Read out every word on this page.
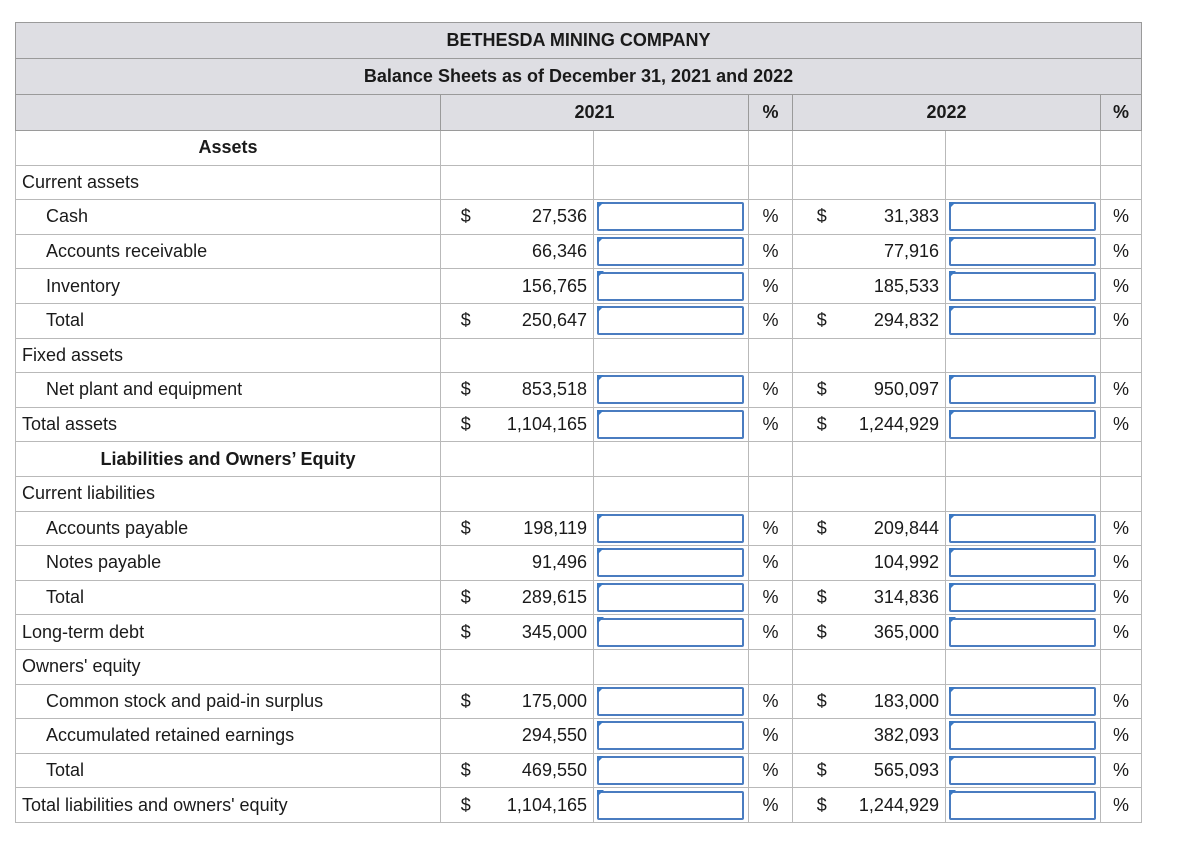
BETHESDA MINING COMPANY								
Balance Sheets as of December 31, 2021 and 2022								
	2021			%	2022			%
Assets								
Current assets								
Cash	$	27,536		%	$	31,383		%
Accounts receivable		66,346		%		77,916		%
Inventory		156,765		%		185,533		%
Total	$	250,647		%	$	294,832		%
Fixed assets								
Net plant and equipment	$	853,518		%	$	950,097		%
Total assets	$	1,104,165		%	$	1,244,929		%
Liabilities and Owners’ Equity								
Current liabilities								
Accounts payable	$	198,119		%	$	209,844		%
Notes payable		91,496		%		104,992		%
Total	$	289,615		%	$	314,836		%
Long-term debt	$	345,000		%	$	365,000		%
Owners' equity								
Common stock and paid-in surplus	$	175,000		%	$	183,000		%
Accumulated retained earnings		294,550		%		382,093		%
Total	$	469,550		%	$	565,093		%
Total liabilities and owners' equity	$	1,104,165		%	$	1,244,929		%
